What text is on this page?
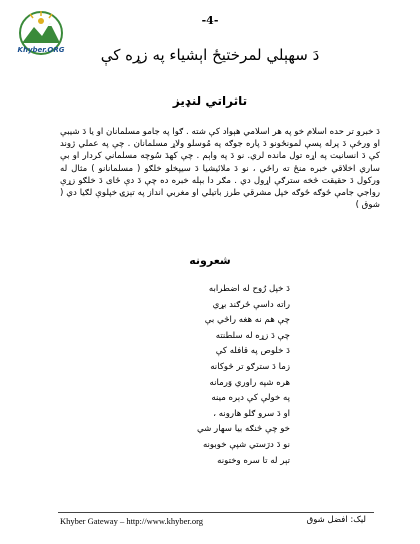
Khyber.ORG
-4-
دَ سهېلي لمرختيځ اېشياء په زړه کې
تاثراتي لنډيز
دَ خبرو تر حده اسلام خو په هر اسلامي هېواد کې شته . ګوا په جامو مسلمانان او يا دَ شيبې او ورځې دَ پرله پسې لمونځونو دَ پاره جوګه په مُوسلو ولاړ مسلمانان . چې په عملي ژوند کې دَ انسانيت په اړه تول مانده لري. نو دَ په واېم . چې کهدَ سُوچه مسلماني کردار او بې ساري اخلاقي خبره منځ ته راځي ، نو دَ ملائيشيا دَ سيپخلو خلګو ( مسلمانانو ) مثال له ورکول دَ حقيقت څخه سترګې اړول دي . مګر دا بېله خبره ده چې دَ دې ځای دَ خلګو زړې رواجي جامې ځوګه ځوګه خپل مشرقي طرز باتيلي او مغربي انداز په تېزۍ خپلوې لګيا دي ( شوق )
شعرونه
دَ خپل رُوح له اضطرابه
راته داسې ځرګند بړي
چې هم نه هغه راڅي بې
چې دَ زړه له سلطنته
دَ خلوص په قافله کې
زما دَ سترګو تر څوکانه
هره شپه راوري وَرمانه
په خولې کې دېره مينه
او دَ سرو ګلو هارونه ،
خو چې څنګه بيا سهار شي
نو دَ درَستي شپې خوبونه
تېر له تا سره وختونه
Khyber Gateway – http://www.khyber.org	ليک: افضل شوق
